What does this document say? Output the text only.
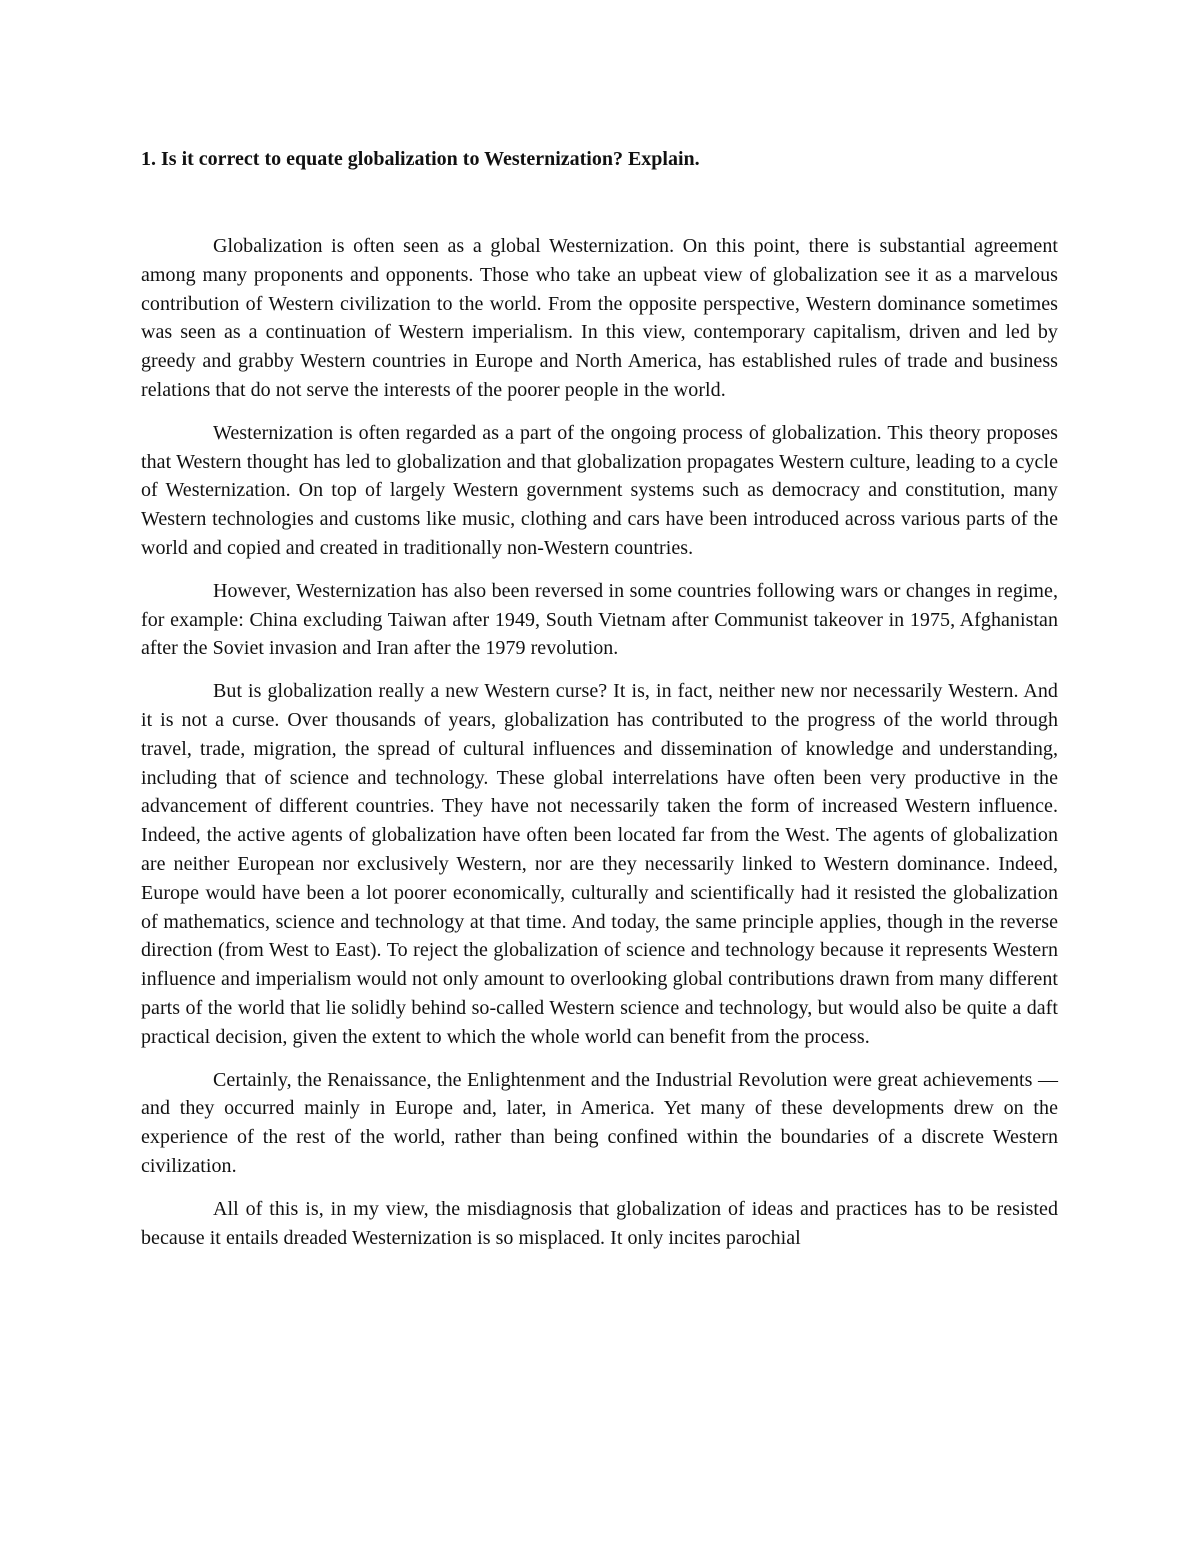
1. Is it correct to equate globalization to Westernization? Explain.

Globalization is often seen as a global Westernization. On this point, there is substantial agreement among many proponents and opponents. Those who take an upbeat view of globalization see it as a marvelous contribution of Western civilization to the world. From the opposite perspective, Western dominance sometimes was seen as a continuation of Western imperialism. In this view, contemporary capitalism, driven and led by greedy and grabby Western countries in Europe and North America, has established rules of trade and business relations that do not serve the interests of the poorer people in the world.

Westernization is often regarded as a part of the ongoing process of globalization. This theory proposes that Western thought has led to globalization and that globalization propagates Western culture, leading to a cycle of Westernization. On top of largely Western government systems such as democracy and constitution, many Western technologies and customs like music, clothing and cars have been introduced across various parts of the world and copied and created in traditionally non-Western countries.

However, Westernization has also been reversed in some countries following wars or changes in regime, for example: China excluding Taiwan after 1949, South Vietnam after Communist takeover in 1975, Afghanistan after the Soviet invasion and Iran after the 1979 revolution.

But is globalization really a new Western curse? It is, in fact, neither new nor necessarily Western. And it is not a curse. Over thousands of years, globalization has contributed to the progress of the world through travel, trade, migration, the spread of cultural influences and dissemination of knowledge and understanding, including that of science and technology. These global interrelations have often been very productive in the advancement of different countries. They have not necessarily taken the form of increased Western influence. Indeed, the active agents of globalization have often been located far from the West. The agents of globalization are neither European nor exclusively Western, nor are they necessarily linked to Western dominance. Indeed, Europe would have been a lot poorer economically, culturally and scientifically had it resisted the globalization of mathematics, science and technology at that time. And today, the same principle applies, though in the reverse direction (from West to East). To reject the globalization of science and technology because it represents Western influence and imperialism would not only amount to overlooking global contributions drawn from many different parts of the world that lie solidly behind so-called Western science and technology, but would also be quite a daft practical decision, given the extent to which the whole world can benefit from the process.

Certainly, the Renaissance, the Enlightenment and the Industrial Revolution were great achievements — and they occurred mainly in Europe and, later, in America. Yet many of these developments drew on the experience of the rest of the world, rather than being confined within the boundaries of a discrete Western civilization.

All of this is, in my view, the misdiagnosis that globalization of ideas and practices has to be resisted because it entails dreaded Westernization is so misplaced. It only incites parochial
